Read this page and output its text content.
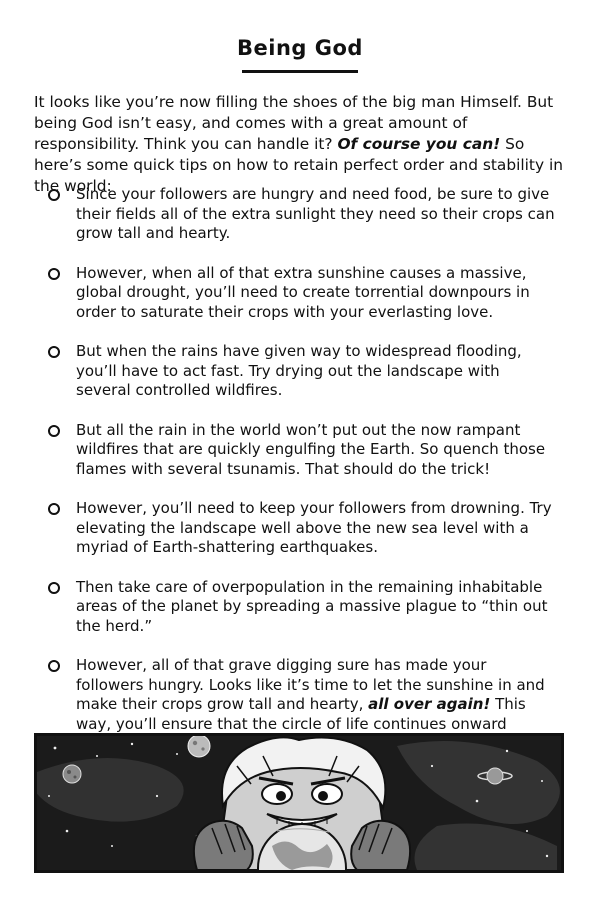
Being God

It looks like you’re now filling the shoes of the big man Himself. But being God isn’t easy, and comes with a great amount of responsibility. Think you can handle it? Of course you can! So here’s some quick tips on how to retain perfect order and stability in the world:

Since your followers are hungry and need food, be sure to give their fields all of the extra sunlight they need so their crops can grow tall and hearty.
However, when all of that extra sunshine causes a massive, global drought, you’ll need to create torrential downpours in order to saturate their crops with your everlasting love.
But when the rains have given way to widespread flooding, you’ll have to act fast. Try drying out the landscape with several controlled wildfires.
But all the rain in the world won’t put out the now rampant wildfires that are quickly engulfing the Earth. So quench those flames with several tsunamis. That should do the trick!
However, you’ll need to keep your followers from drowning. Try elevating the landscape well above the new sea level with a myriad of Earth-shattering earthquakes.
Then take care of overpopulation in the remaining inhabitable areas of the planet by spreading a massive plague to “thin out the herd.”
However, all of that grave digging sure has made your followers hungry. Looks like it’s time to let the sunshine in and make their crops grow tall and hearty, all over again! This way, you’ll ensure that the circle of life continues onward
